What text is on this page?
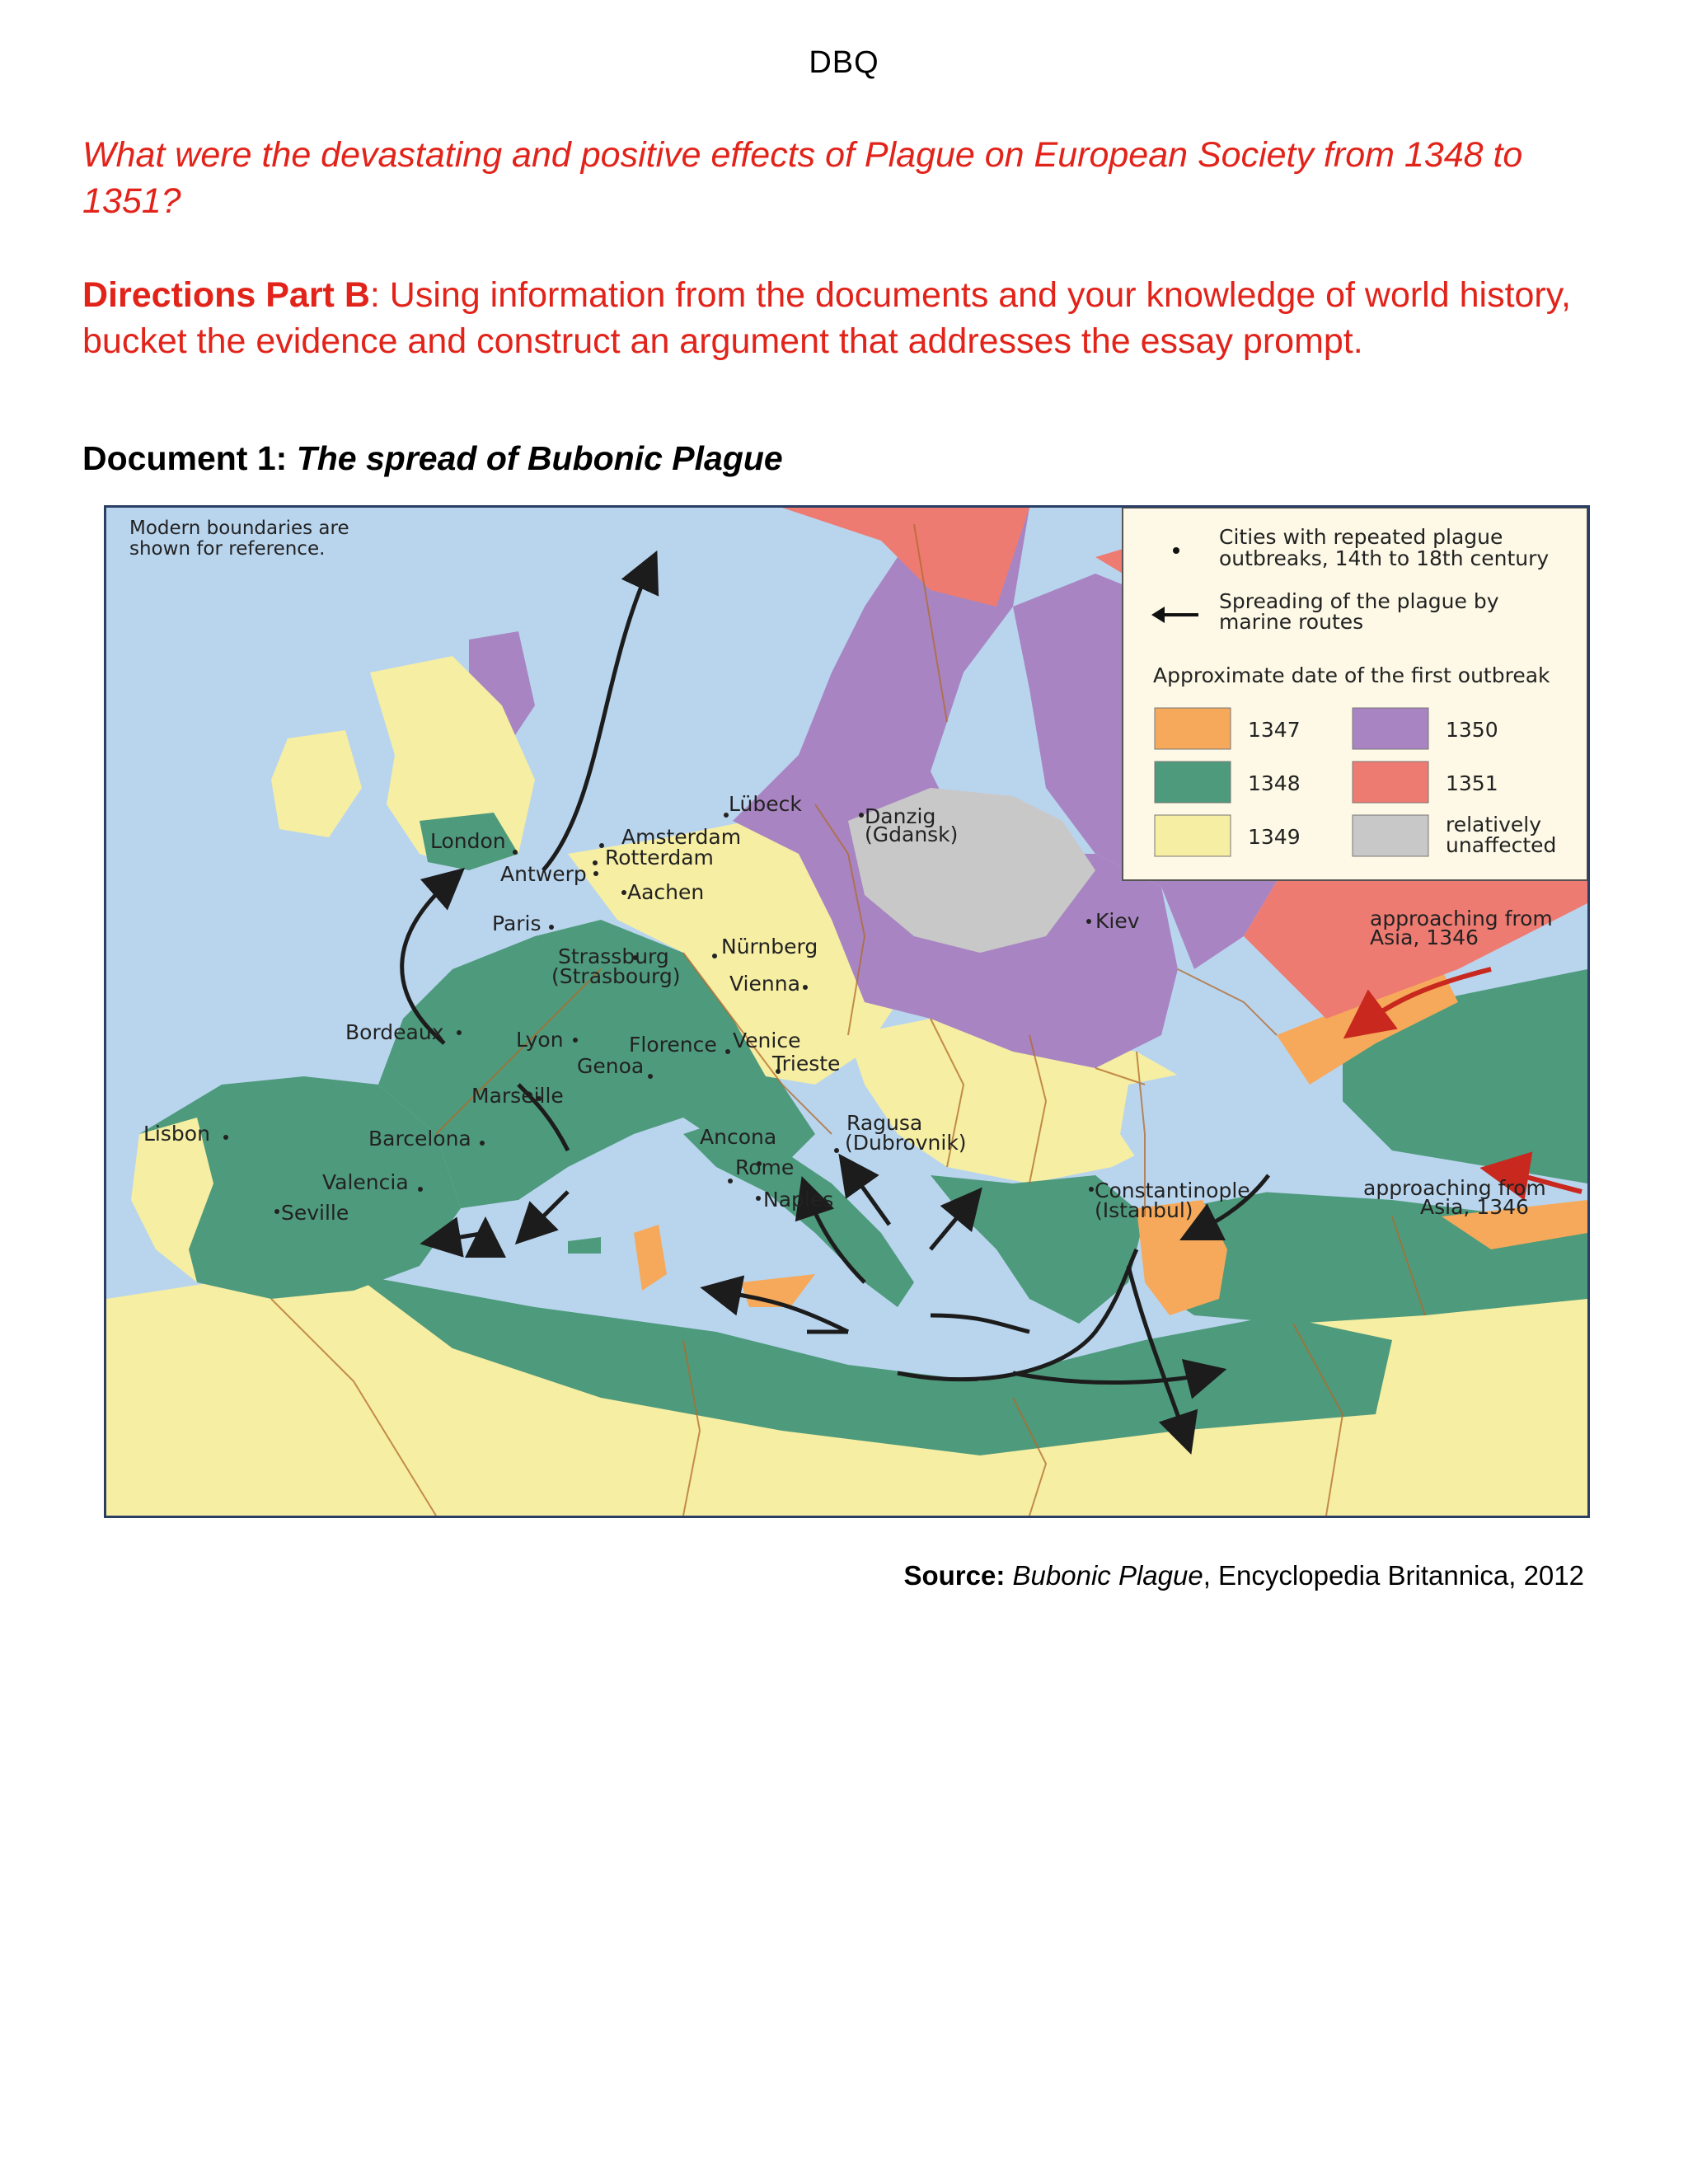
DBQ
What were the devastating and positive effects of Plague on European Society from 1348 to 1351?
Directions Part B: Using information from the documents and your knowledge of world history, bucket the evidence and construct an argument that addresses the essay prompt.
Document 1: The spread of Bubonic Plague
Modern boundaries are
shown for reference.	Cities with repeated plague
outbreaks, 14th to 18th century
Spreading of the plague by
marine routes
Approximate date of the first outbreak
1347
1348
1349
1350
1351
relatively
unaffected
London	Amsterdam
Rotterdam
Antwerp
Aachen
Lübeck
Danzig
(Gdansk)
Paris
Strassburg
(Strasbourg)
Nürnberg
Vienna
Kiev
Bordeaux	Lyon	Florence Venice
Trieste
Genoa
Marseille
Lisbon	Barcelona	Ancona
Ragusa
(Dubrovnik)
Rome
Valencia
Seville
Naples	Constantinople
(Istanbul)
approaching from
Asia, 1346
approaching from
Asia, 1346
Source: Bubonic Plague, Encyclopedia Britannica, 2012
